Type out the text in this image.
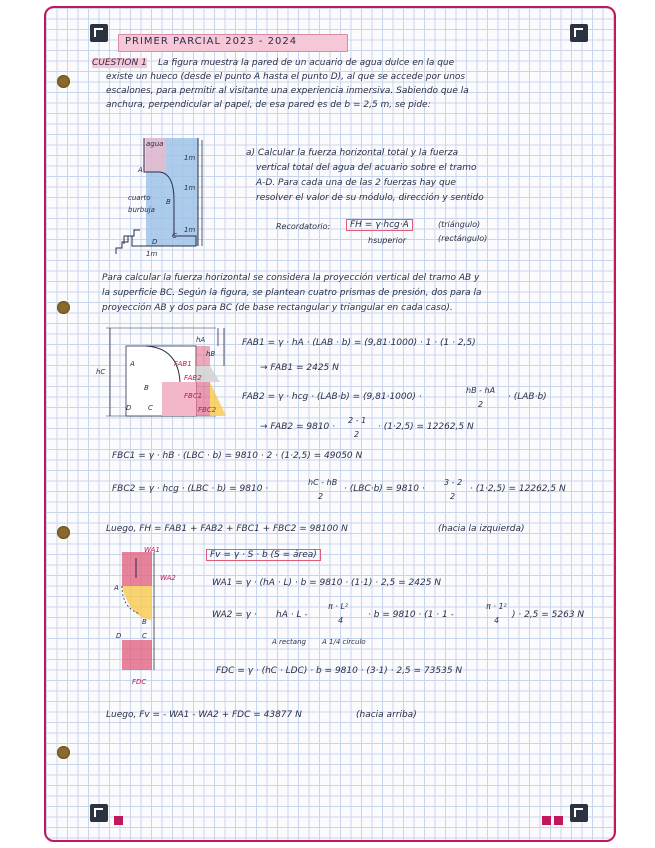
PRIMER PARCIAL 2023 - 2024
CUESTION 1 La figura muestra la pared de un acuario de agua dulce en la que
existe un hueco (desde el punto A hasta el punto D), al que se accede por unos
escalones, para permitir al visitante una experiencia inmersiva. Sabiendo que la
anchura, perpendicular al papel, de esa pared es de b = 2,5 m, se pide:
agua
A
B
C
D
1m
1m
1m
1m
cuarto
burbuja
a) Calcular la fuerza horizontal total y la fuerza
vertical total del agua del acuario sobre el tramo
A-D. Para cada una de las 2 fuerzas hay que
resolver el valor de su módulo, dirección y sentido
Recordatorio:	FH = γ·hcg·A
hsuperior
(triángulo)
(rectángulo)
Para calcular la fuerza horizontal se considera la proyección vertical del tramo AB y
la superficie BC. Según la figura, se plantean cuatro prismas de presión, dos para la
proyección AB y dos para BC (de base rectangular y triangular en cada caso).
hC
A
B
C
D
hA
hB
FAB1
FAB2
FBC1
FBC2
FAB1 = γ · hA · (LAB · b) = (9,81·1000) · 1 · (1 · 2,5)
→ FAB1 = 2425 N
FAB2 = γ · hcg · (LAB·b) = (9,81·1000) ·
hB - hA
2
· (LAB·b)
→ FAB2 = 9810 ·
2 - 1
2
· (1·2,5) = 12262,5 N
FBC1 = γ · hB · (LBC · b) = 9810 · 2 · (1·2,5) = 49050 N
FBC2 = γ · hcg · (LBC · b) = 9810 ·
hC - hB
2
· (LBC·b) = 9810 ·
3 - 2
2
· (1·2,5) = 12262,5 N
Luego, FH = FAB1 + FAB2 + FBC1 + FBC2 = 98100 N	(hacia la izquierda)
WA1
WA2
A
B
C
D
FDC
Fv = γ · S · b (S = área)
WA1 = γ · (hA · L) · b = 9810 · (1·1) · 2,5 = 2425 N
WA2 = γ · hA · L -
π · L²
4
· b = 9810 · (1 · 1 -
π · 1²
4
) · 2,5 = 5263 N
A rectang A 1/4 círculo
FDC = γ · (hC · LDC) · b = 9810 · (3·1) · 2,5 = 73535 N
Luego, Fv = - WA1 - WA2 + FDC = 43877 N	(hacia arriba)
